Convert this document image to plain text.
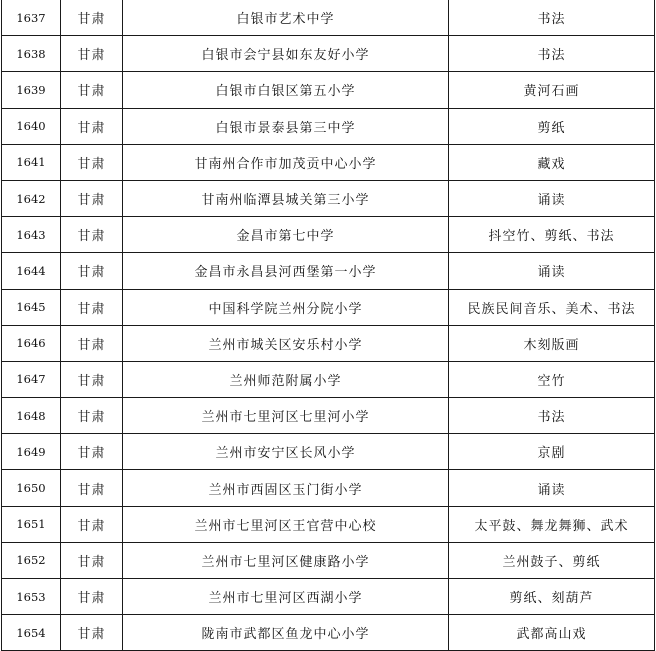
1637	甘肃	白银市艺术中学	书法
1638	甘肃	白银市会宁县如东友好小学	书法
1639	甘肃	白银市白银区第五小学	黄河石画
1640	甘肃	白银市景泰县第三中学	剪纸
1641	甘肃	甘南州合作市加茂贡中心小学	藏戏
1642	甘肃	甘南州临潭县城关第三小学	诵读
1643	甘肃	金昌市第七中学	抖空竹、剪纸、书法
1644	甘肃	金昌市永昌县河西堡第一小学	诵读
1645	甘肃	中国科学院兰州分院小学	民族民间音乐、美术、书法
1646	甘肃	兰州市城关区安乐村小学	木刻版画
1647	甘肃	兰州师范附属小学	空竹
1648	甘肃	兰州市七里河区七里河小学	书法
1649	甘肃	兰州市安宁区长风小学	京剧
1650	甘肃	兰州市西固区玉门街小学	诵读
1651	甘肃	兰州市七里河区王官营中心校	太平鼓、舞龙舞狮、武术
1652	甘肃	兰州市七里河区健康路小学	兰州鼓子、剪纸
1653	甘肃	兰州市七里河区西湖小学	剪纸、刻葫芦
1654	甘肃	陇南市武都区鱼龙中心小学	武都高山戏
